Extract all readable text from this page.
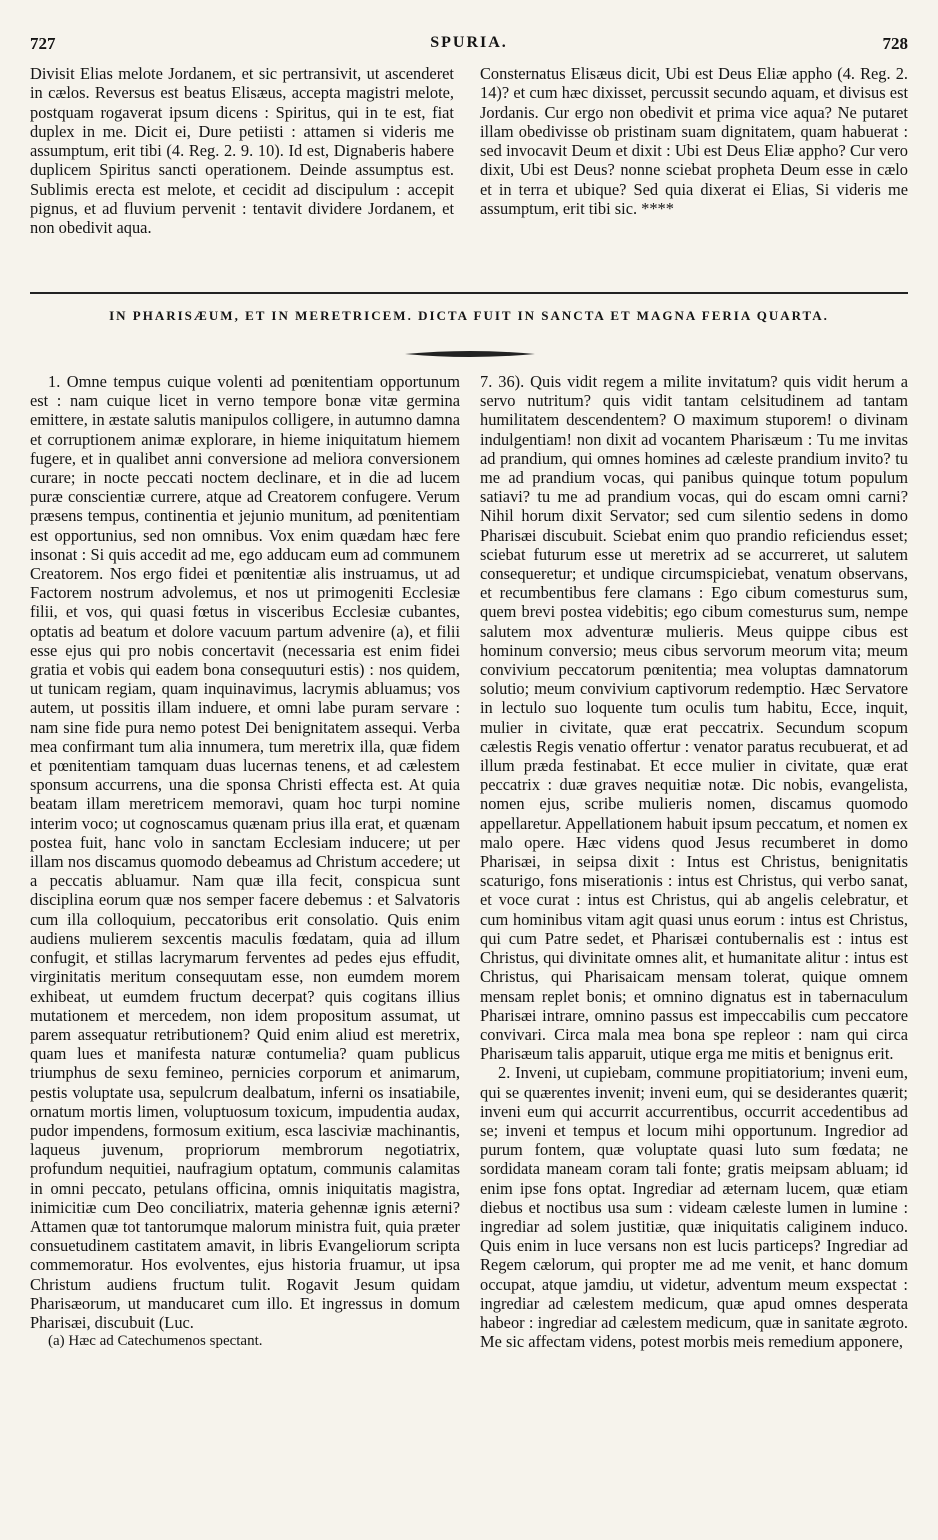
727	SPURIA.	728

Divisit Elias melote Jordanem, et sic pertransivit, ut ascenderet in cælos. Reversus est beatus Elisæus, accepta magistri melote, postquam rogaverat ipsum dicens : Spiritus, qui in te est, fiat duplex in me. Dicit ei, Dure petiisti : attamen si videris me assumptum, erit tibi (4. Reg. 2. 9. 10). Id est, Dignaberis habere duplicem Spiritus sancti operationem. Deinde assumptus est. Sublimis erecta est melote, et cecidit ad discipulum : accepit pignus, et ad fluvium pervenit : tentavit dividere Jordanem, et non obedivit aqua.

Consternatus Elisæus dicit, Ubi est Deus Eliæ appho (4. Reg. 2. 14)? et cum hæc dixisset, percussit secundo aquam, et divisus est Jordanis. Cur ergo non obedivit et prima vice aqua? Ne putaret illam obedivisse ob pristinam suam dignitatem, quam habuerat : sed invocavit Deum et dixit : Ubi est Deus Eliæ appho? Cur vero dixit, Ubi est Deus? nonne sciebat propheta Deum esse in cælo et in terra et ubique? Sed quia dixerat ei Elias, Si videris me assumptum, erit tibi sic. ****

IN PHARISÆUM, ET IN MERETRICEM. DICTA FUIT IN SANCTA ET MAGNA FERIA QUARTA.

1. Omne tempus cuique volenti ad pœnitentiam opportunum est : nam cuique licet in verno tempore bonæ vitæ germina emittere, in æstate salutis manipulos colligere, in autumno damna et corruptionem animæ explorare, in hieme iniquitatum hiemem fugere, et in qualibet anni conversione ad meliora conversionem curare; in nocte peccati noctem declinare, et in die ad lucem puræ conscientiæ currere, atque ad Creatorem confugere. Verum præsens tempus, continentia et jejunio munitum, ad pœnitentiam est opportunius, sed non omnibus. Vox enim quædam hæc fere insonat : Si quis accedit ad me, ego adducam eum ad communem Creatorem. Nos ergo fidei et pœnitentiæ alis instruamus, ut ad Factorem nostrum advolemus, et nos ut primogeniti Ecclesiæ filii, et vos, qui quasi fœtus in visceribus Ecclesiæ cubantes, optatis ad beatum et dolore vacuum partum advenire (a), et filii esse ejus qui pro nobis concertavit (necessaria est enim fidei gratia et vobis qui eadem bona consequuturi estis) : nos quidem, ut tunicam regiam, quam inquinavimus, lacrymis abluamus; vos autem, ut possitis illam induere, et omni labe puram servare : nam sine fide pura nemo potest Dei benignitatem assequi. Verba mea confirmant tum alia innumera, tum meretrix illa, quæ fidem et pœnitentiam tamquam duas lucernas tenens, et ad cælestem sponsum accurrens, una die sponsa Christi effecta est. At quia beatam illam meretricem memoravi, quam hoc turpi nomine interim voco; ut cognoscamus quænam prius illa erat, et quænam postea fuit, hanc volo in sanctam Ecclesiam inducere; ut per illam nos discamus quomodo debeamus ad Christum accedere; ut a peccatis abluamur. Nam quæ illa fecit, conspicua sunt disciplina eorum quæ nos semper facere debemus : et Salvatoris cum illa colloquium, peccatoribus erit consolatio. Quis enim audiens mulierem sexcentis maculis fœdatam, quia ad illum confugit, et stillas lacrymarum ferventes ad pedes ejus effudit, virginitatis meritum consequutam esse, non eumdem morem exhibeat, ut eumdem fructum decerpat? quis cogitans illius mutationem et mercedem, non idem propositum assumat, ut parem assequatur retributionem? Quid enim aliud est meretrix, quam lues et manifesta naturæ contumelia? quam publicus triumphus de sexu femineo, pernicies corporum et animarum, pestis voluptate usa, sepulcrum dealbatum, inferni os insatiabile, ornatum mortis limen, voluptuosum toxicum, impudentia audax, pudor impendens, formosum exitium, esca lasciviæ machinantis, laqueus juvenum, propriorum membrorum negotiatrix, profundum nequitiei, naufragium optatum, communis calamitas in omni peccato, petulans officina, omnis iniquitatis magistra, inimicitiæ cum Deo conciliatrix, materia gehennæ ignis æterni? Attamen quæ tot tantorumque malorum ministra fuit, quia præter consuetudinem castitatem amavit, in libris Evangeliorum scripta commemoratur. Hos evolventes, ejus historia fruamur, ut ipsa Christum audiens fructum tulit. Rogavit Jesum quidam Pharisæorum, ut manducaret cum illo. Et ingressus in domum Pharisæi, discubuit (Luc.

(a) Hæc ad Catechumenos spectant.

7. 36). Quis vidit regem a milite invitatum? quis vidit herum a servo nutritum? quis vidit tantam celsitudinem ad tantam humilitatem descendentem? O maximum stuporem! o divinam indulgentiam! non dixit ad vocantem Pharisæum : Tu me invitas ad prandium, qui omnes homines ad cæleste prandium invito? tu me ad prandium vocas, qui panibus quinque totum populum satiavi? tu me ad prandium vocas, qui do escam omni carni? Nihil horum dixit Servator; sed cum silentio sedens in domo Pharisæi discubuit. Sciebat enim quo prandio reficiendus esset; sciebat futurum esse ut meretrix ad se accurreret, ut salutem consequeretur; et undique circumspiciebat, venatum observans, et recumbentibus fere clamans : Ego cibum comesturus sum, quem brevi postea videbitis; ego cibum comesturus sum, nempe salutem mox adventuræ mulieris. Meus quippe cibus est hominum conversio; meus cibus servorum meorum vita; meum convivium peccatorum pœnitentia; mea voluptas damnatorum solutio; meum convivium captivorum redemptio. Hæc Servatore in lectulo suo loquente tum oculis tum habitu, Ecce, inquit, mulier in civitate, quæ erat peccatrix. Secundum scopum cælestis Regis venatio offertur : venator paratus recubuerat, et ad illum præda festinabat. Et ecce mulier in civitate, quæ erat peccatrix : duæ graves nequitiæ notæ. Dic nobis, evangelista, nomen ejus, scribe mulieris nomen, discamus quomodo appellaretur. Appellationem habuit ipsum peccatum, et nomen ex malo opere. Hæc videns quod Jesus recumberet in domo Pharisæi, in seipsa dixit : Intus est Christus, benignitatis scaturigo, fons miserationis : intus est Christus, qui verbo sanat, et voce curat : intus est Christus, qui ab angelis celebratur, et cum hominibus vitam agit quasi unus eorum : intus est Christus, qui cum Patre sedet, et Pharisæi contubernalis est : intus est Christus, qui divinitate omnes alit, et humanitate alitur : intus est Christus, qui Pharisaicam mensam tolerat, quique omnem mensam replet bonis; et omnino dignatus est in tabernaculum Pharisæi intrare, omnino passus est impeccabilis cum peccatore convivari. Circa mala mea bona spe repleor : nam qui circa Pharisæum talis apparuit, utique erga me mitis et benignus erit.

2. Inveni, ut cupiebam, commune propitiatorium; inveni eum, qui se quærentes invenit; inveni eum, qui se desiderantes quærit; inveni eum qui accurrit accurrentibus, occurrit accedentibus ad se; inveni et tempus et locum mihi opportunum. Ingredior ad purum fontem, quæ voluptate quasi luto sum fœdata; ne sordidata maneam coram tali fonte; gratis meipsam abluam; id enim ipse fons optat. Ingrediar ad æternam lucem, quæ etiam diebus et noctibus usa sum : videam cæleste lumen in lumine : ingrediar ad solem justitiæ, quæ iniquitatis caliginem induco. Quis enim in luce versans non est lucis particeps? Ingrediar ad Regem cælorum, qui propter me ad me venit, et hanc domum occupat, atque jamdiu, ut videtur, adventum meum exspectat : ingrediar ad cælestem medicum, quæ apud omnes desperata habeor : ingrediar ad cælestem medicum, quæ in sanitate ægroto. Me sic affectam videns, potest morbis meis remedium apponere,
